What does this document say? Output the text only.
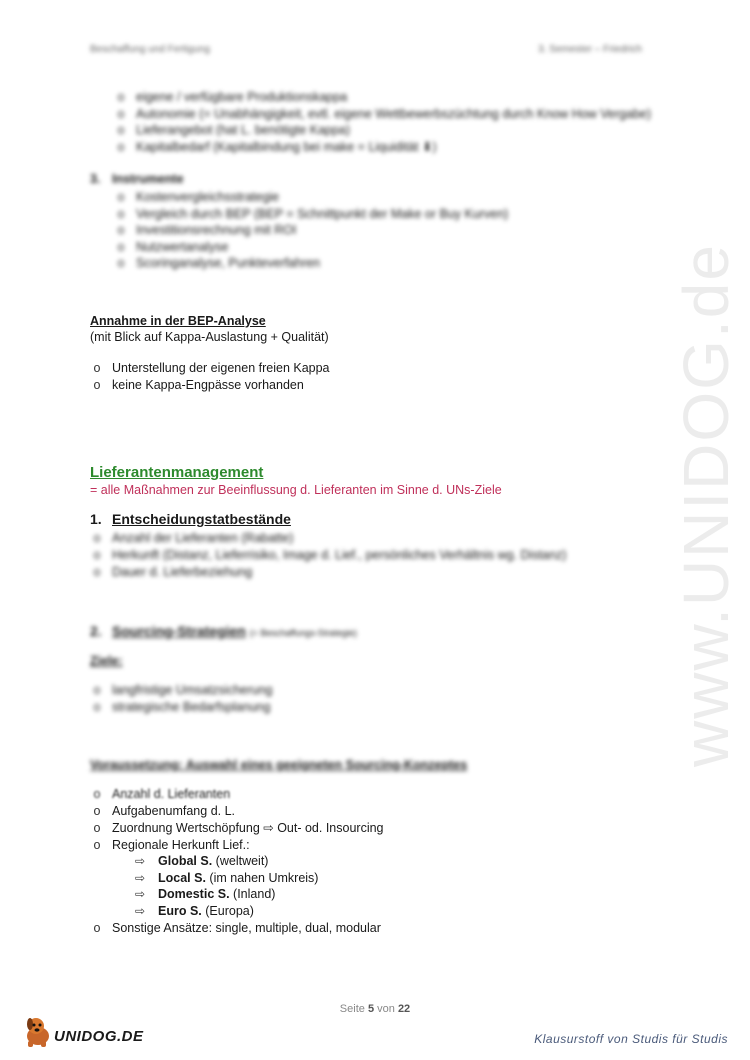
www.UNIDOG.de
Beschaffung und Fertigung	3. Semester – Friedrich
o eigene / verfügbare Produktionskappa
o Autonomie (= Unabhängigkeit, evtl. eigene Wettbewerbszüchtung durch Know How Vergabe)
o Lieferangebot (hat L. benötigte Kappa)
o Kapitalbedarf (Kapitalbindung bei make = Liquidität ⬇)
3. Instrumente
o Kostenvergleichsstrategie
o Vergleich durch BEP (BEP = Schnittpunkt der Make or Buy Kurven)
o Investitionsrechnung mit ROI
o Nutzwertanalyse
o Scoringanalyse, Punkteverfahren
Annahme in der BEP-Analyse
(mit Blick auf Kappa-Auslastung + Qualität)
o Unterstellung der eigenen freien Kappa
o keine Kappa-Engpässe vorhanden
Lieferantenmanagement
= alle Maßnahmen zur Beeinflussung d. Lieferanten im Sinne d. UNs-Ziele
1. Entscheidungstatbestände
o Anzahl der Lieferanten (Rabatte)
o Herkunft (Distanz, Lieferrisiko, Image d. Lief., persönliches Verhältnis wg. Distanz)
o Dauer d. Lieferbeziehung
2. Sourcing-Strategien (= Beschaffungs-Strategie)
Ziele:
o langfristige Umsatzsicherung
o strategische Bedarfsplanung
Voraussetzung: Auswahl eines geeigneten Sourcing-Konzeptes
o Anzahl d. Lieferanten
o Aufgabenumfang d. L.
o Zuordnung Wertschöpfung ⇨ Out- od. Insourcing
o Regionale Herkunft Lief.:
⇨ Global S. (weltweit)
⇨ Local S. (im nahen Umkreis)
⇨ Domestic S. (Inland)
⇨ Euro S. (Europa)
o Sonstige Ansätze: single, multiple, dual, modular
Seite 5 von 22
UNIDOG.DE	Klausurstoff von Studis für Studis
